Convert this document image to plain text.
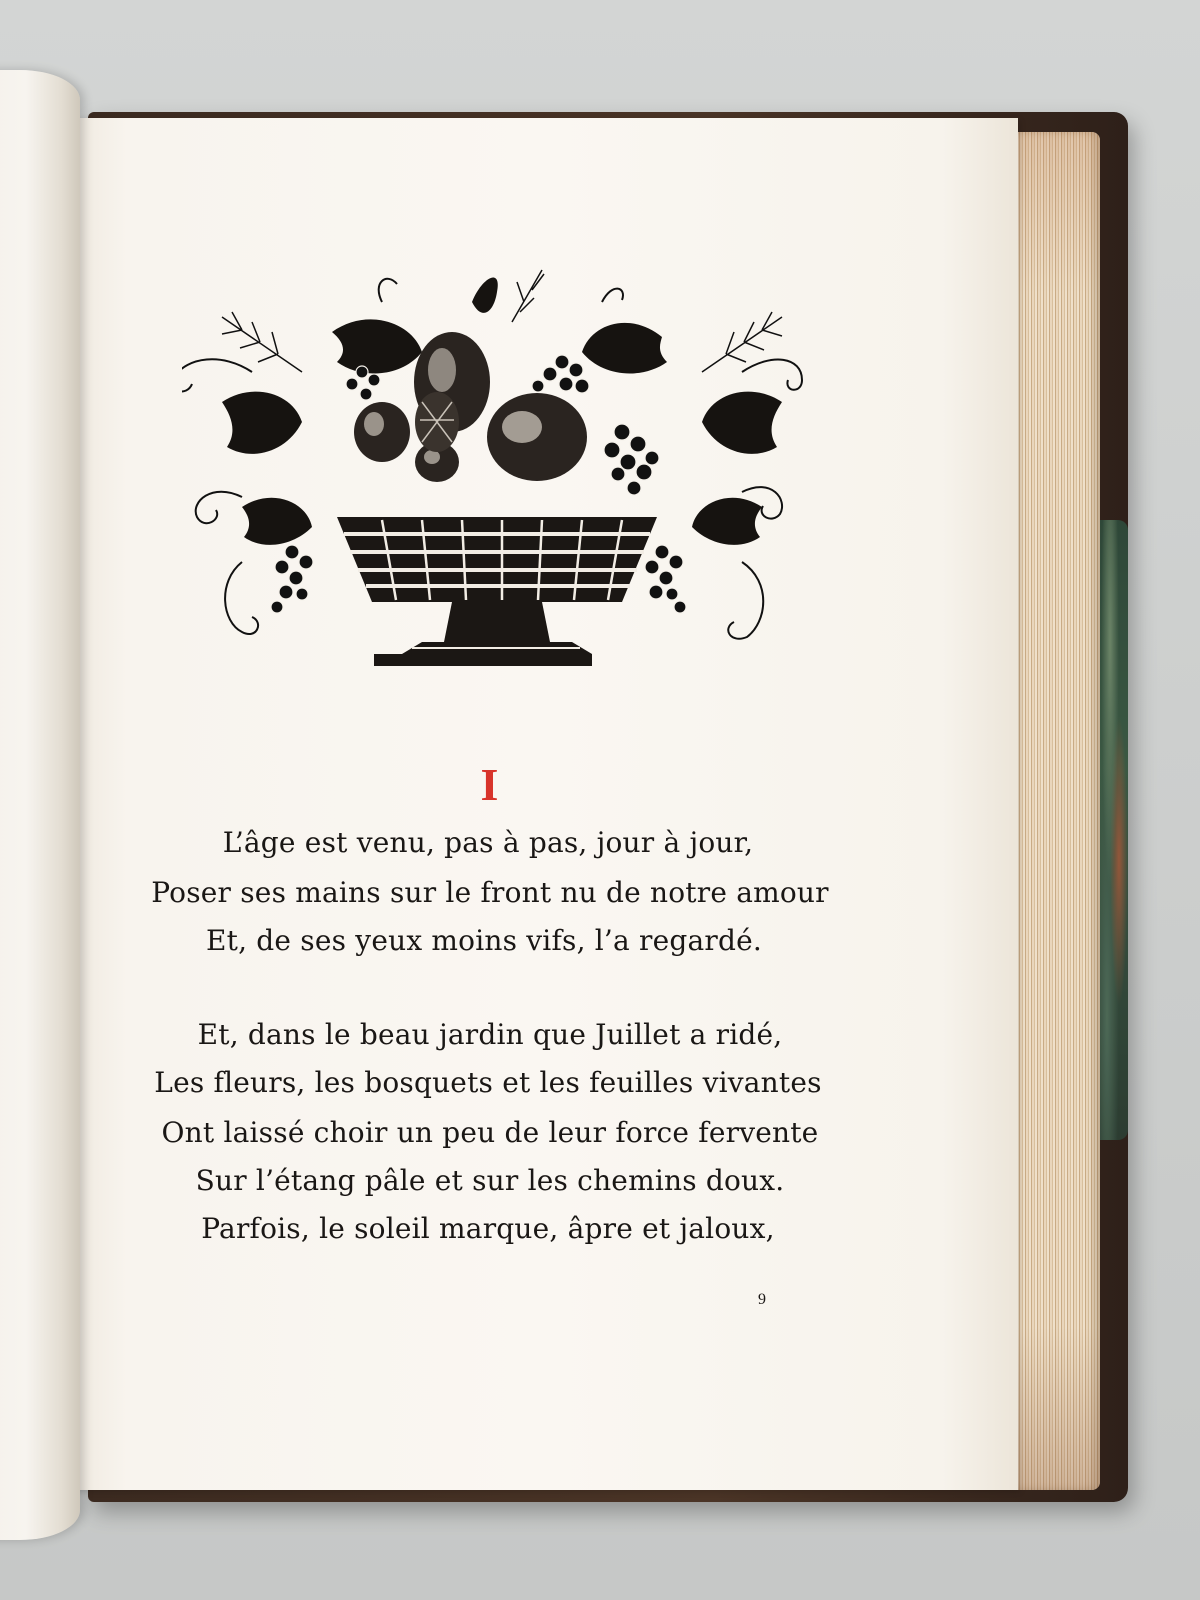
I
L’âge est venu, pas à pas, jour à jour,
Poser ses mains sur le front nu de notre amour
Et, de ses yeux moins vifs, l’a regardé.
Et, dans le beau jardin que Juillet a ridé,
Les fleurs, les bosquets et les feuilles vivantes
Ont laissé choir un peu de leur force fervente
Sur l’étang pâle et sur les chemins doux.
Parfois, le soleil marque, âpre et jaloux,
9
